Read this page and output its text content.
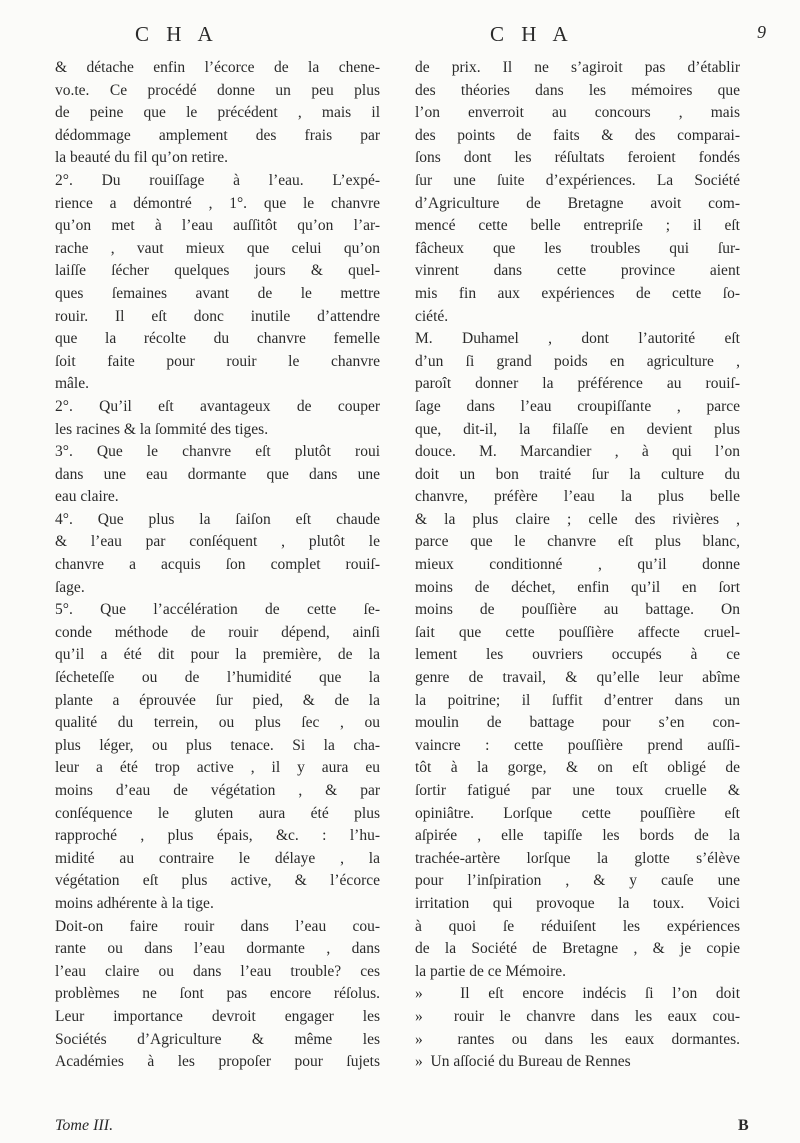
C H A	C H A	9

& détache enfin l’écorce de la chene-

vo.te. Ce procédé donne un peu plus

de peine que le précédent , mais il

dédommage amplement des frais par

la beauté du fil qu’on retire.

2°. Du rouiſſage à l’eau. L’expé-

rience a démontré , 1°. que le chanvre

qu’on met à l’eau auſſitôt qu’on l’ar-

rache , vaut mieux que celui qu’on

laiſſe ſécher quelques jours & quel-

ques ſemaines avant de le mettre

rouir. Il eſt donc inutile d’attendre

que la récolte du chanvre femelle

ſoit faite pour rouir le chanvre

mâle.

2°. Qu’il eſt avantageux de couper

les racines & la ſommité des tiges.

3°. Que le chanvre eſt plutôt roui

dans une eau dormante que dans une

eau claire.

4°. Que plus la ſaiſon eſt chaude

& l’eau par conſéquent , plutôt le

chanvre a acquis ſon complet rouiſ-

ſage.

5°. Que l’accélération de cette ſe-

conde méthode de rouir dépend, ainſi

qu’il a été dit pour la première, de la

ſécheteſſe ou de l’humidité que la

plante a éprouvée ſur pied, & de la

qualité du terrein, ou plus ſec , ou

plus léger, ou plus tenace. Si la cha-

leur a été trop active , il y aura eu

moins d’eau de végétation , & par

conſéquence le gluten aura été plus

rapproché , plus épais, &c. : l’hu-

midité au contraire le délaye , la

végétation eſt plus active, & l’écorce

moins adhérente à la tige.

Doit-on faire rouir dans l’eau cou-

rante ou dans l’eau dormante , dans

l’eau claire ou dans l’eau trouble? ces

problèmes ne ſont pas encore réſolus.

Leur importance devroit engager les

Sociétés d’Agriculture & même les

Académies à les propoſer pour ſujets

de prix. Il ne s’agiroit pas d’établir

des théories dans les mémoires que

l’on enverroit au concours , mais

des points de faits & des comparai-

ſons dont les réſultats feroient fondés

ſur une ſuite d’expériences. La Société

d’Agriculture de Bretagne avoit com-

mencé cette belle entrepriſe ; il eſt

fâcheux que les troubles qui ſur-

vinrent dans cette province aient

mis fin aux expériences de cette ſo-

ciété.

M. Duhamel , dont l’autorité eſt

d’un ſi grand poids en agriculture ,

paroît donner la préférence au rouiſ-

ſage dans l’eau croupiſſante , parce

que, dit-il, la filaſſe en devient plus

douce. M. Marcandier , à qui l’on

doit un bon traité ſur la culture du

chanvre, préfère l’eau la plus belle

& la plus claire ; celle des rivières ,

parce que le chanvre eſt plus blanc,

mieux conditionné , qu’il donne

moins de déchet, enfin qu’il en ſort

moins de pouſſière au battage. On

ſait que cette pouſſière affecte cruel-

lement les ouvriers occupés à ce

genre de travail, & qu’elle leur abîme

la poitrine; il ſuffit d’entrer dans un

moulin de battage pour s’en con-

vaincre : cette pouſſière prend auſſi-

tôt à la gorge, & on eſt obligé de

ſortir fatigué par une toux cruelle &

opiniâtre. Lorſque cette pouſſière eſt

aſpirée , elle tapiſſe les bords de la

trachée-artère lorſque la glotte s’élève

pour l’inſpiration , & y cauſe une

irritation qui provoque la toux. Voici

à quoi ſe réduiſent les expériences

de la Société de Bretagne , & je copie

la partie de ce Mémoire.

»  Il eſt encore indécis ſi l’on doit

»  rouir le chanvre dans les eaux cou-

»  rantes ou dans les eaux dormantes.

»  Un aſſocié du Bureau de Rennes

Tome III.	B
